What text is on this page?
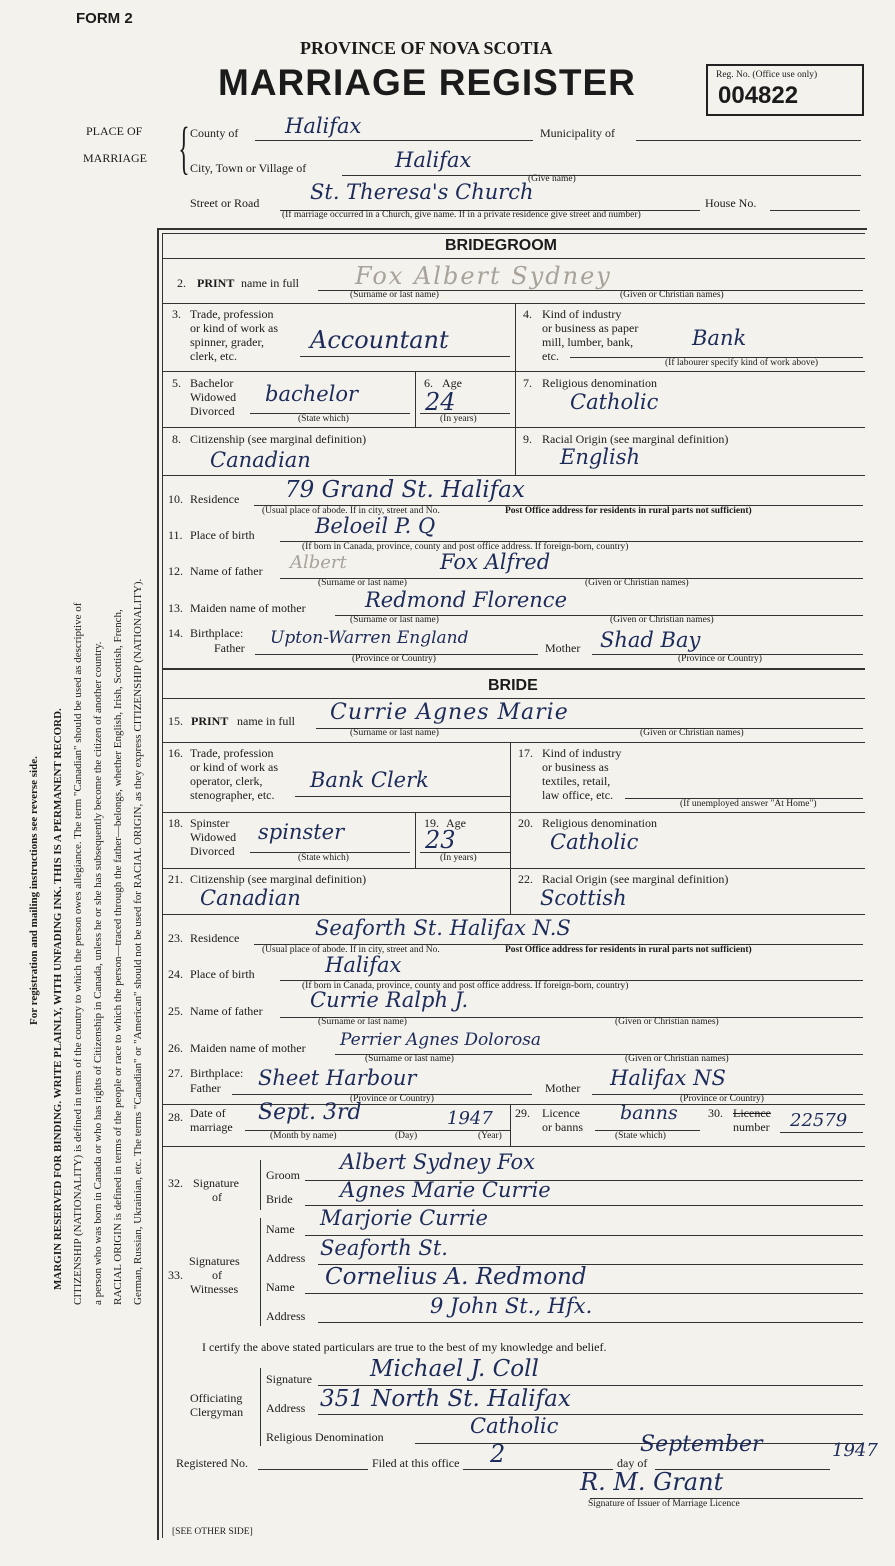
FORM 2
PROVINCE OF NOVA SCOTIA
MARRIAGE REGISTER	Reg. No. (Office use only)
004822
PLACE OF
MARRIAGE { County of Halifax	Municipality of
City, Town or Village of	Halifax
(Give name)
Street or Road St. Theresa's Church	House No.
(If marriage occurred in a Church, give name. If in a private residence give street and number)
For registration and mailing instructions see reverse side. MARGIN RESERVED FOR BINDING. WRITE PLAINLY, WITH UNFADING INK. THIS IS A PERMANENT RECORD. CITIZENSHIP (NATIONALITY) is defined in terms of the country to which the person owes allegiance. The term "Canadian" should be used as descriptive of a person who was born in Canada or who has rights of Citizenship in Canada, unless he or she has subsequently become the citizen of another country. RACIAL ORIGIN is defined in terms of the people or race to which the person—traced through the father—belongs, whether English, Irish, Scottish, French, German, Russian, Ukrainian, etc. The terms "Canadian" or "American" should not be used for RACIAL ORIGIN, as they express CITIZENSHIP (NATIONALITY).
BRIDEGROOM
2. PRINT name in full Fox Albert Sydney
(Surname or last name)	(Given or Christian names)
3. Trade, profession
or kind of work as
spinner, grader,
clerk, etc.
Accountant
4. Kind of industry
or business as paper
mill, lumber, bank,
etc.
Bank
(If labourer specify kind of work above)
5. Bachelor
Widowed
Divorced
bachelor
(State which)
6. Age
24
(In years)
7. Religious denomination
Catholic
8. Citizenship (see marginal definition)
Canadian
9. Racial Origin (see marginal definition)
English
10. Residence 79 Grand St. Halifax
(Usual place of abode. If in city, street and No.	Post Office address for residents in rural parts not sufficient)
11. Place of birth	Beloeil P. Q
(If born in Canada, province, county and post office address. If foreign-born, country)
12. Name of father Albert	Fox Alfred
(Surname or last name)	(Given or Christian names)
13. Maiden name of mother	Redmond Florence
(Surname or last name)	(Given or Christian names)
14. Birthplace:
Father Upton-Warren England	Mother Shad Bay
(Province or Country)	(Province or Country)
BRIDE
15. PRINT name in full Currie Agnes Marie
(Surname or last name)	(Given or Christian names)
16. Trade, profession
or kind of work as
operator, clerk,
stenographer, etc.
Bank Clerk
17. Kind of industry
or business as
textiles, retail,
law office, etc.
(If unemployed answer "At Home")
18. Spinster
Widowed
Divorced
spinster
(State which)
19. Age
23
(In years)
20. Religious denomination
Catholic
21. Citizenship (see marginal definition)
Canadian
22. Racial Origin (see marginal definition)
Scottish
23. Residence	Seaforth St. Halifax N.S
(Usual place of abode. If in city, street and No.	Post Office address for residents in rural parts not sufficient)
24. Place of birth	Halifax
(If born in Canada, province, county and post office address. If foreign-born, country)
25. Name of father Currie Ralph J.
(Surname or last name)	(Given or Christian names)
26. Maiden name of mother Perrier Agnes Dolorosa
(Surname or last name)	(Given or Christian names)
27. Birthplace:
Father Sheet Harbour	Mother Halifax NS
(Province or Country)	(Province or Country)
28. Date of
marriage
Sept. 3rd	1947
(Month by name)	(Day)	(Year)
29. Licence
or banns
banns
(State which)
30. Licence
number 22579
32. Signature
of
Groom
Albert Sydney Fox
Bride Agnes Marie Currie
33.
Signatures
of
Witnesses
Name Marjorie Currie
Address Seaforth St.
Name Cornelius A. Redmond
Address	9 John St., Hfx.
I certify the above stated particulars are true to the best of my knowledge and belief.
Officiating
Clergyman
Signature	Michael J. Coll
Address 351 North St. Halifax
Religious Denomination	Catholic
Registered No.	Filed at this office 2	day of
September	1947
R. M. Grant
Signature of Issuer of Marriage Licence
[SEE OTHER SIDE]
